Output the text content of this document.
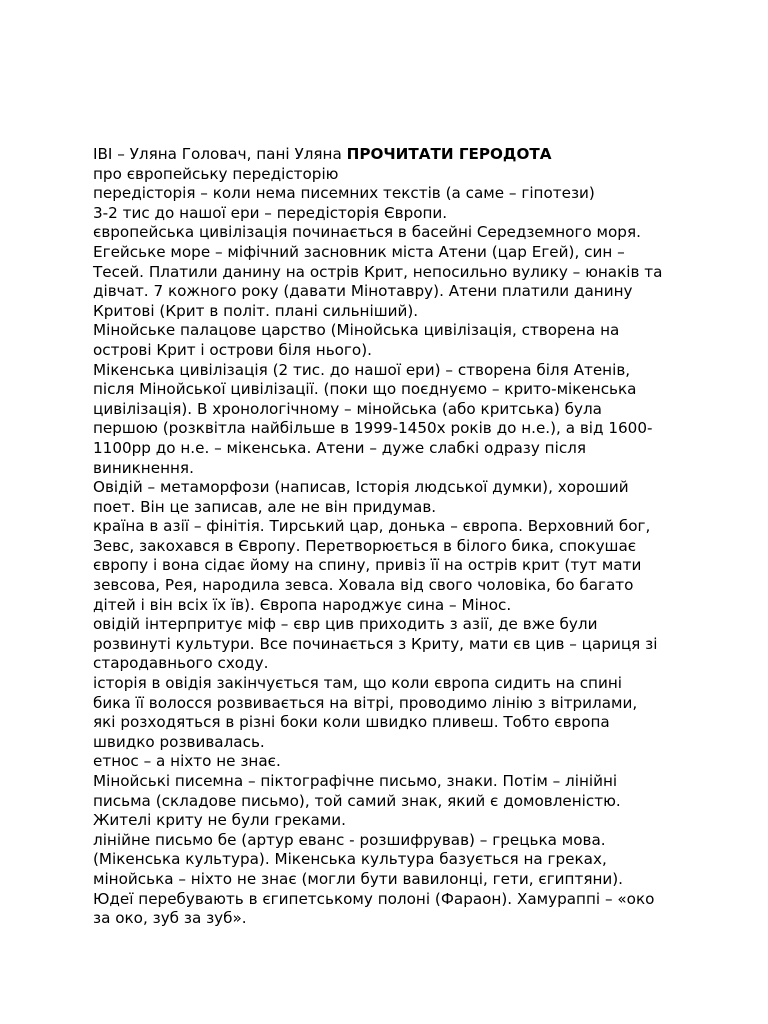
ІВІ – Уляна Головач, пані Уляна ПРОЧИТАТИ ГЕРОДОТА

про європейську передісторію

передісторія – коли нема писемних текстів (а саме – гіпотези)

3-2 тис до нашої ери – передісторія Європи.

європейська цивілізація починається в басейні Середземного моря.

Егейське море – міфічний засновник міста Атени (цар Егей), син –
Тесей. Платили данину на острів Крит, непосильно вулику – юнаків та
дівчат. 7 кожного року (давати Мінотавру). Атени платили данину
Критові (Крит в політ. плані сильніший).

Мінойське палацове царство (Мінойська цивілізація, створена на
острові Крит і острови біля нього).

Мікенська цивілізація (2 тис. до нашої ери) – створена біля Атенів,
після Мінойської цивілізації. (поки що поєднуємо – крито-мікенська
цивілізація). В хронологічному – мінойська (або критська) була
першою (розквітла найбільше в 1999-1450х років до н.е.), а від 1600-
1100рр до н.е. – мікенська. Атени – дуже слабкі одразу після
виникнення.

Овідій – метаморфози (написав, Історія людської думки), хороший
поет. Він це записав, але не він придумав.

країна в азії – фінітія. Тирський цар, донька – європа. Верховний бог,
Зевс, закохався в Європу. Перетворюється в білого бика, спокушає
європу і вона сідає йому на спину, привіз її на острів крит (тут мати
зевсова, Рея, народила зевса. Ховала від свого чоловіка, бо багато
дітей і він всіх їх їв). Європа народжує сина – Мінос.

овідій інтерпритує міф – євр цив приходить з азії, де вже були
розвинуті культури. Все починається з Криту, мати єв цив – цариця зі
стародавнього сходу.

історія в овідія закінчується там, що коли європа сидить на спині
бика її волосся розвивається на вітрі, проводимо лінію з вітрилами,
які розходяться в різні боки коли швидко пливеш. Тобто європа
швидко розвивалась.

етнос – а ніхто не знає.

Мінойські писемна – піктографічне письмо, знаки. Потім – лінійні
письма (складове письмо), той самий знак, який є домовленістю.
Жителі криту не були греками.

лінійне письмо бе (артур еванс - розшифрував) – грецька мова.
(Мікенська культура). Мікенська культура базується на греках,
мінойська – ніхто не знає (могли бути вавилонці, гети, єгиптяни).
Юдеї перебувають в єгипетському полоні (Фараон). Хамураппі – «око
за око, зуб за зуб».
